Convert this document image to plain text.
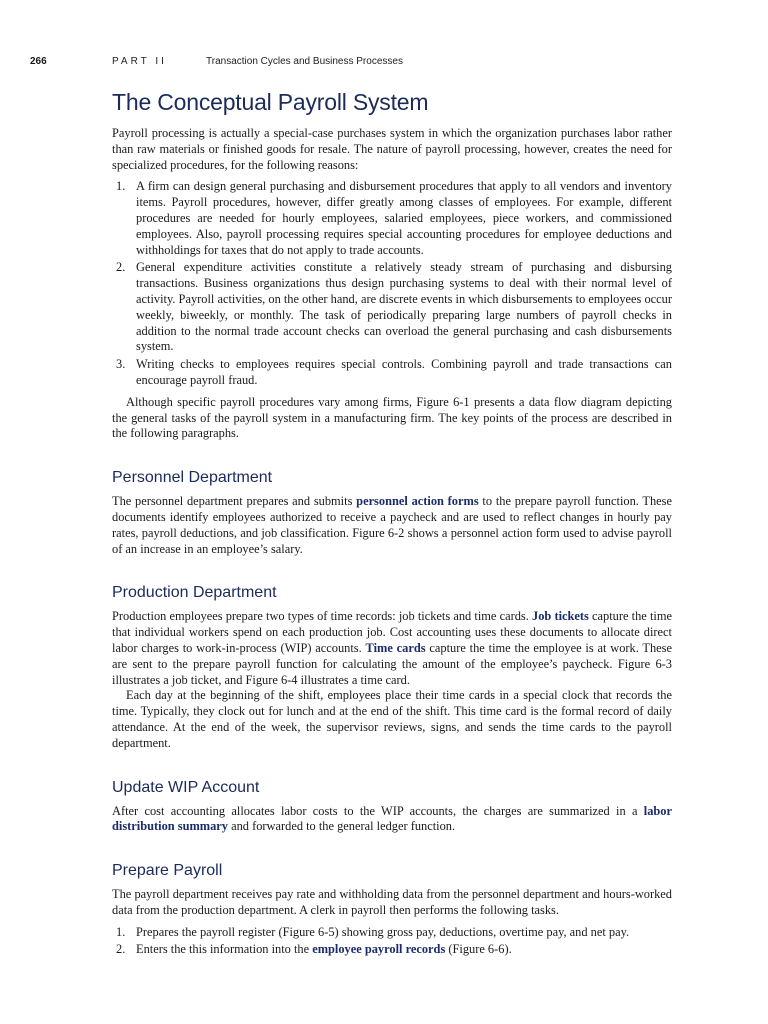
266	PART II	Transaction Cycles and Business Processes
The Conceptual Payroll System

Payroll processing is actually a special-case purchases system in which the organization purchases labor rather than raw materials or finished goods for resale. The nature of payroll processing, however, creates the need for specialized procedures, for the following reasons:

1. A firm can design general purchasing and disbursement procedures that apply to all vendors and inventory items. Payroll procedures, however, differ greatly among classes of employees. For example, different procedures are needed for hourly employees, salaried employees, piece workers, and commissioned employees. Also, payroll processing requires special accounting procedures for employee deductions and withholdings for taxes that do not apply to trade accounts.
2. General expenditure activities constitute a relatively steady stream of purchasing and disbursing transactions. Business organizations thus design purchasing systems to deal with their normal level of activity. Payroll activities, on the other hand, are discrete events in which disbursements to employees occur weekly, biweekly, or monthly. The task of periodically preparing large numbers of payroll checks in addition to the normal trade account checks can overload the general purchasing and cash disbursements system.
3. Writing checks to employees requires special controls. Combining payroll and trade transactions can encourage payroll fraud.

Although specific payroll procedures vary among firms, Figure 6-1 presents a data flow diagram depicting the general tasks of the payroll system in a manufacturing firm. The key points of the process are described in the following paragraphs.

Personnel Department

The personnel department prepares and submits personnel action forms to the prepare payroll function. These documents identify employees authorized to receive a paycheck and are used to reflect changes in hourly pay rates, payroll deductions, and job classification. Figure 6-2 shows a personnel action form used to advise payroll of an increase in an employee’s salary.

Production Department

Production employees prepare two types of time records: job tickets and time cards. Job tickets capture the time that individual workers spend on each production job. Cost accounting uses these documents to allocate direct labor charges to work-in-process (WIP) accounts. Time cards capture the time the employee is at work. These are sent to the prepare payroll function for calculating the amount of the employee’s paycheck. Figure 6-3 illustrates a job ticket, and Figure 6-4 illustrates a time card.

Each day at the beginning of the shift, employees place their time cards in a special clock that records the time. Typically, they clock out for lunch and at the end of the shift. This time card is the formal record of daily attendance. At the end of the week, the supervisor reviews, signs, and sends the time cards to the payroll department.

Update WIP Account

After cost accounting allocates labor costs to the WIP accounts, the charges are summarized in a labor distribution summary and forwarded to the general ledger function.

Prepare Payroll

The payroll department receives pay rate and withholding data from the personnel department and hours-worked data from the production department. A clerk in payroll then performs the following tasks.

1. Prepares the payroll register (Figure 6-5) showing gross pay, deductions, overtime pay, and net pay.
2. Enters the this information into the employee payroll records (Figure 6-6).
